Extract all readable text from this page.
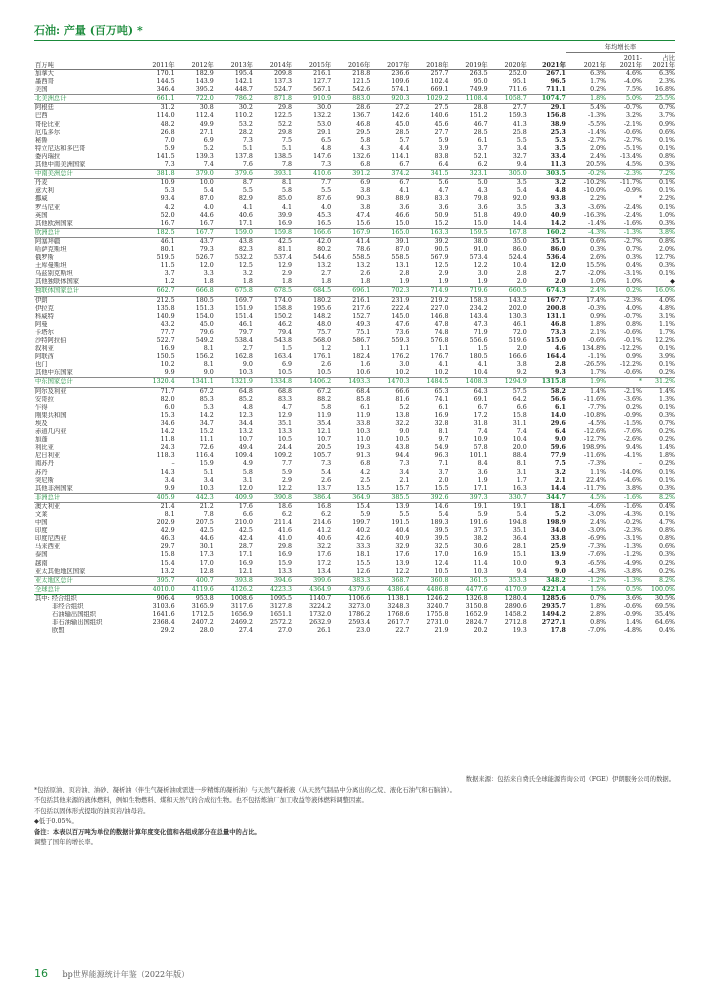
石油: 产量 (百万吨) *
												年均增长率		
百万吨	2011年	2012年	2013年	2014年	2015年	2016年	2017年	2018年	2019年	2020年	2021年	2021年	2011-
2021年	占比
2021年
加拿大	170.1	182.9	195.4	209.8	216.1	218.8	236.6	257.7	263.5	252.0	267.1	6.3%	4.6%	6.3%
墨西哥	144.5	143.9	142.1	137.3	127.7	121.5	109.6	102.4	95.0	95.1	96.5	1.7%	-4.0%	2.3%
美国	346.4	395.2	448.7	524.7	567.1	542.6	574.1	669.1	749.9	711.6	711.1	0.2%	7.5%	16.8%
北美洲总计	661.1	722.0	786.2	871.8	910.9	883.0	920.3	1029.2	1108.4	1058.7	1074.7	1.8%	5.0%	25.5%
阿根廷	31.2	30.8	30.2	29.8	30.0	28.6	27.2	27.5	28.8	27.7	29.1	5.4%	-0.7%	0.7%
巴西	114.0	112.4	110.2	122.5	132.2	136.7	142.6	140.6	151.2	159.3	156.8	-1.3%	3.2%	3.7%
哥伦比亚	48.2	49.9	53.2	52.2	53.0	46.8	45.0	45.6	46.7	41.3	38.9	-5.5%	-2.1%	0.9%
厄瓜多尔	26.8	27.1	28.2	29.8	29.1	29.5	28.5	27.7	28.5	25.8	25.3	-1.4%	-0.6%	0.6%
秘鲁	7.0	6.9	7.3	7.5	6.5	5.8	5.7	5.9	6.1	5.5	5.3	-2.7%	-2.7%	0.1%
特立尼达和多巴哥	5.9	5.2	5.1	5.1	4.8	4.3	4.4	3.9	3.7	3.4	3.5	2.0%	-5.1%	0.1%
委内瑞拉	141.5	139.3	137.8	138.5	147.6	132.6	114.1	83.8	52.1	32.7	33.4	2.4%	-13.4%	0.8%
其他中南美洲国家	7.3	7.4	7.6	7.8	7.3	6.8	6.7	6.4	6.2	9.4	11.3	20.5%	4.5%	0.3%
中南美洲总计	381.8	379.0	379.6	393.1	410.6	391.2	374.2	341.5	323.1	305.0	303.5	-0.2%	-2.3%	7.2%
丹麦	10.9	10.0	8.7	8.1	7.7	6.9	6.7	5.6	5.0	3.5	3.2	-10.2%	-11.7%	0.1%
意大利	5.3	5.4	5.5	5.8	5.5	3.8	4.1	4.7	4.3	5.4	4.8	-10.0%	-0.9%	0.1%
挪威	93.4	87.0	82.9	85.0	87.6	90.3	88.9	83.3	79.8	92.0	93.8	2.2%	*	2.2%
罗马尼亚	4.2	4.0	4.1	4.1	4.0	3.8	3.6	3.6	3.6	3.5	3.3	-3.6%	-2.4%	0.1%
英国	52.0	44.6	40.6	39.9	45.3	47.4	46.6	50.9	51.8	49.0	40.9	-16.3%	-2.4%	1.0%
其他欧洲国家	16.7	16.7	17.1	16.9	16.5	15.6	15.0	15.2	15.0	14.4	14.2	-1.4%	-1.6%	0.3%
欧洲总计	182.5	167.7	159.0	159.8	166.6	167.9	165.0	163.3	159.5	167.8	160.2	-4.3%	-1.3%	3.8%
阿塞拜疆	46.1	43.7	43.8	42.5	42.0	41.4	39.1	39.2	38.0	35.0	35.1	0.6%	-2.7%	0.8%
哈萨克斯坦	80.1	79.3	82.3	81.1	80.2	78.6	87.0	90.5	91.0	86.0	86.0	0.3%	0.7%	2.0%
俄罗斯	519.5	526.7	532.2	537.4	544.6	558.5	558.5	567.9	573.4	524.4	536.4	2.6%	0.3%	12.7%
土库曼斯坦	11.5	12.0	12.5	12.9	13.2	13.2	13.1	12.5	12.2	10.4	12.0	15.5%	0.4%	0.3%
乌兹别克斯坦	3.7	3.3	3.2	2.9	2.7	2.6	2.8	2.9	3.0	2.8	2.7	-2.0%	-3.1%	0.1%
其他独联体国家	1.2	1.8	1.8	1.8	1.8	1.8	1.9	1.9	1.9	2.0	2.0	1.0%	1.0%	◆
独联体国家总计	662.7	666.8	675.8	678.5	684.5	696.1	702.3	714.9	719.6	660.5	674.3	2.4%	0.2%	16.0%
伊朗	212.5	180.5	169.7	174.0	180.2	216.1	231.9	219.2	158.3	143.2	167.7	17.4%	-2.3%	4.0%
伊拉克	135.8	151.3	151.9	158.8	195.6	217.6	222.4	227.0	234.2	202.0	200.8	-0.3%	4.0%	4.8%
科威特	140.9	154.0	151.4	150.2	148.2	152.7	145.0	146.8	143.4	130.3	131.1	0.9%	-0.7%	3.1%
阿曼	43.2	45.0	46.1	46.2	48.0	49.3	47.6	47.8	47.3	46.1	46.8	1.8%	0.8%	1.1%
卡塔尔	77.7	79.6	79.7	79.4	75.7	75.1	73.6	74.8	71.9	72.0	73.3	2.1%	-0.6%	1.7%
沙特阿拉伯	522.7	549.2	538.4	543.8	568.0	586.7	559.3	576.8	556.6	519.6	515.0	-0.6%	-0.1%	12.2%
叙利亚	16.9	8.1	2.7	1.5	1.2	1.1	1.1	1.1	1.5	2.0	4.6	134.8%	-12.2%	0.1%
阿联酋	150.5	156.2	162.8	163.4	176.1	182.4	176.2	176.7	180.5	166.6	164.4	-1.1%	0.9%	3.9%
也门	10.2	8.1	9.0	6.9	2.6	1.6	3.0	4.1	4.1	3.8	2.8	-26.5%	-12.2%	0.1%
其他中东国家	9.9	9.0	10.3	10.5	10.5	10.6	10.2	10.2	10.4	9.2	9.3	1.7%	-0.6%	0.2%
中东国家总计	1320.4	1341.1	1321.9	1334.8	1406.2	1493.3	1470.3	1484.5	1408.3	1294.9	1315.8	1.9%	*	31.2%
阿尔及利亚	71.7	67.2	64.8	68.8	67.2	68.4	66.6	65.3	64.3	57.5	58.2	1.4%	-2.1%	1.4%
安哥拉	82.0	85.3	85.2	83.3	88.2	85.8	81.6	74.1	69.1	64.2	56.6	-11.6%	-3.6%	1.3%
乍得	6.0	5.3	4.8	4.7	5.8	6.1	5.2	6.1	6.7	6.6	6.1	-7.7%	0.2%	0.1%
刚果共和国	15.3	14.2	12.3	12.9	11.9	11.9	13.8	16.9	17.2	15.8	14.0	-10.8%	-0.9%	0.3%
埃及	34.6	34.7	34.4	35.1	35.4	33.8	32.2	32.8	31.8	31.1	29.6	-4.5%	-1.5%	0.7%
赤道几内亚	14.2	15.2	13.2	13.3	12.1	10.3	9.0	8.1	7.4	7.4	6.4	-12.6%	-7.6%	0.2%
加蓬	11.8	11.1	10.7	10.5	10.7	11.0	10.5	9.7	10.9	10.4	9.0	-12.7%	-2.6%	0.2%
利比亚	24.3	72.6	49.4	24.4	20.5	19.3	43.8	54.9	57.8	20.0	59.6	198.9%	9.4%	1.4%
尼日利亚	118.3	116.4	109.4	109.2	105.7	91.3	94.4	96.3	101.1	88.4	77.9	-11.6%	-4.1%	1.8%
南苏丹	–	15.9	4.9	7.7	7.3	6.8	7.3	7.1	8.4	8.1	7.5	-7.3%	–	0.2%
苏丹	14.3	5.1	5.8	5.9	5.4	4.2	3.4	3.7	3.6	3.1	3.2	1.1%	-14.0%	0.1%
突尼斯	3.4	3.4	3.1	2.9	2.6	2.5	2.1	2.0	1.9	1.7	2.1	22.4%	-4.6%	0.1%
其他非洲国家	9.9	10.3	12.0	12.2	13.7	13.5	15.7	15.5	17.1	16.3	14.4	-11.7%	3.8%	0.3%
非洲总计	405.9	442.3	409.9	390.8	386.4	364.9	385.5	392.6	397.3	330.7	344.7	4.5%	-1.6%	8.2%
澳大利亚	21.4	21.2	17.6	18.6	16.8	15.4	13.9	14.6	19.1	19.1	18.1	-4.6%	-1.6%	0.4%
文莱	8.1	7.8	6.6	6.2	6.2	5.9	5.5	5.4	5.9	5.4	5.2	-3.0%	-4.3%	0.1%
中国	202.9	207.5	210.0	211.4	214.6	199.7	191.5	189.3	191.6	194.8	198.9	2.4%	-0.2%	4.7%
印度	42.9	42.5	42.5	41.6	41.2	40.2	40.4	39.5	37.5	35.1	34.0	-3.0%	-2.3%	0.8%
印度尼西亚	46.3	44.6	42.4	41.0	40.6	42.6	40.9	39.5	38.2	36.4	33.8	-6.9%	-3.1%	0.8%
马来西亚	29.7	30.1	28.7	29.8	32.2	33.3	32.9	32.5	30.6	28.1	25.9	-7.3%	-1.3%	0.6%
泰国	15.8	17.3	17.1	16.9	17.6	18.1	17.6	17.0	16.9	15.1	13.9	-7.6%	-1.2%	0.3%
越南	15.4	17.0	16.9	15.9	17.2	15.5	13.9	12.4	11.4	10.0	9.3	-6.5%	-4.9%	0.2%
亚太其他地区国家	13.2	12.8	12.1	13.3	13.4	12.6	12.2	10.5	10.3	9.4	9.0	-4.3%	-3.8%	0.2%
亚太地区总计	395.7	400.7	393.8	394.6	399.6	383.3	368.7	360.8	361.5	353.3	348.2	-1.2%	-1.3%	8.2%
全球总计	4010.0	4119.6	4126.2	4223.3	4364.9	4379.6	4386.4	4486.8	4477.6	4170.9	4221.4	1.5%	0.5%	100.0%
其中: 经合组织	906.4	953.8	1008.6	1095.5	1140.7	1106.6	1138.1	1246.2	1326.8	1280.4	1285.6	0.7%	3.6%	30.5%
非经合组织	3103.6	3165.9	3117.6	3127.8	3224.2	3273.0	3248.3	3240.7	3150.8	2890.6	2935.7	1.8%	-0.6%	69.5%
石油输出国组织	1641.6	1712.5	1656.9	1651.1	1732.0	1786.2	1768.6	1755.8	1652.9	1458.2	1494.2	2.8%	-0.9%	35.4%
非石油输出国组织	2368.4	2407.2	2469.2	2572.2	2632.9	2593.4	2617.7	2731.0	2824.7	2712.8	2727.1	0.8%	1.4%	64.6%
欧盟	29.2	28.0	27.4	27.0	26.1	23.0	22.7	21.9	20.2	19.3	17.8	-7.0%	-4.8%	0.4%
数据来源：包括来自费氏全球能源咨询公司（FGE）伊朗服务公司的数据。
*包括原油、页岩油、油砂、凝析油（伴生气凝析油或需进一步精炼的凝析油）与天然气凝析液（从天然气制品中分离出的乙烷、液化石油气和石脑油）。
不包括其他来源的液体燃料，例如生物燃料、煤和天然气的合成衍生物。也不包括炼油厂加工收益等液体燃料调整因素。
不包括以固体形式提取的油页岩/油母岩。
◆低于0.05%。
备注：本表以百万吨为单位的数据计算年度变化值和各组成部分在总量中的占比。
调整了国年的增长率。
16 bp世界能源统计年鉴（2022年版）
